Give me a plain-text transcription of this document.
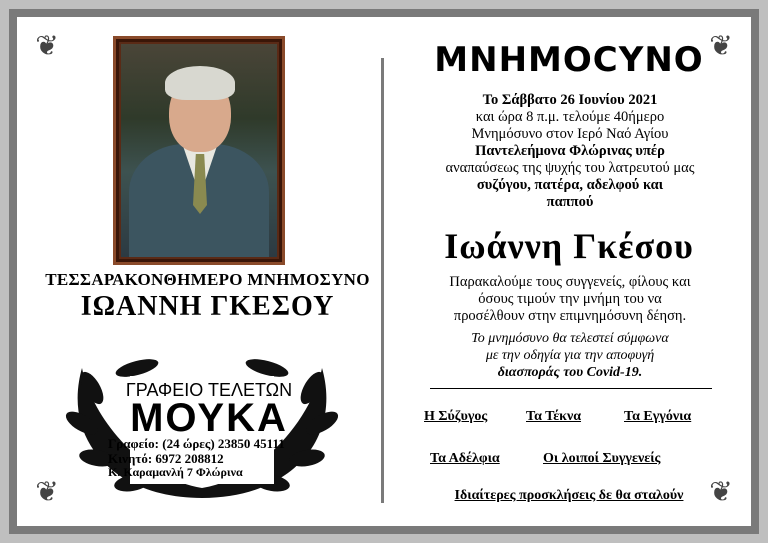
❦	❦
❦	❦
ΤΕΣΣΑΡΑΚΟΝΘΗΜΕΡΟ ΜΝΗΜΟΣΥΝΟ
ΙΩΑΝΝΗ ΓΚΕΣΟΥ
ΓΡΑΦΕΙΟ ΤΕΛΕΤΩΝ
ΜΟΥΚΑ
Γραφείο: (24 ώρες) 23850 45111
Κινητό: 6972 208812
Κ. Καραμανλή 7 Φλώρινα
ΜΝΗΜΟCΥΝΟ
Το Σάββατο 26 Ιουνίου 2021
και ώρα 8 π.μ. τελούμε 40ήμερο
Μνημόσυνο στον Ιερό Ναό Αγίου
Παντελεήμονα Φλώρινας υπέρ
αναπαύσεως της ψυχής του λατρευτού μας
συζύγου, πατέρα, αδελφού και
παππού
Ιωάννη Γκέσου
Παρακαλούμε τους συγγενείς, φίλους και
όσους τιμούν την μνήμη του να
προσέλθουν στην επιμνημόσυνη δέηση.
Το μνημόσυνο θα τελεστεί σύμφωνα
με την οδηγία για την αποφυγή
διασποράς του Covid-19.
Η Σύζυγος	Τα Τέκνα	Τα Εγγόνια
Τα Αδέλφια	Οι λοιποί Συγγενείς
Ιδιαίτερες προσκλήσεις δε θα σταλούν
